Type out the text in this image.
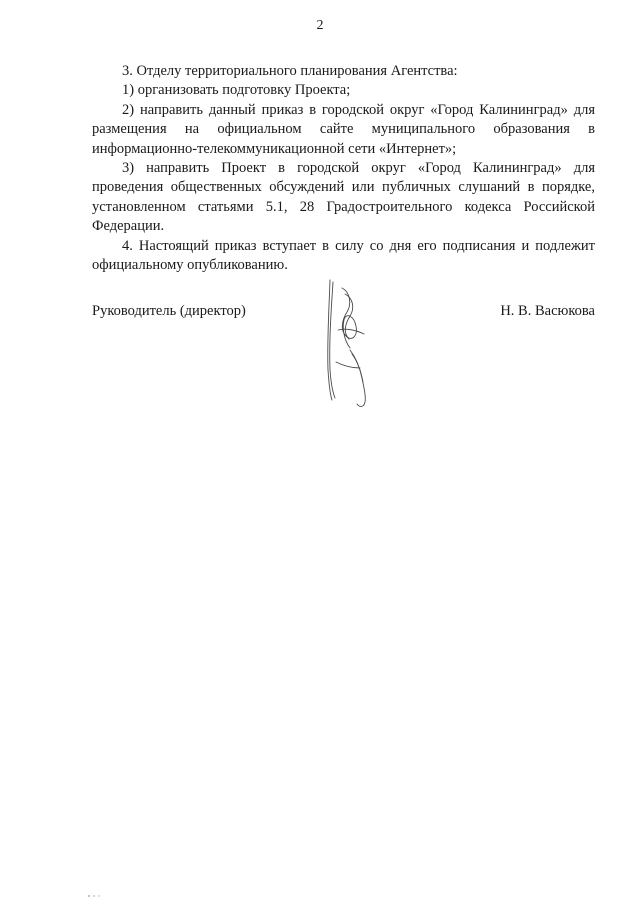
2

3. Отделу территориального планирования Агентства:

1) организовать подготовку Проекта;

2) направить данный приказ в городской округ «Город Калининград» для размещения на официальном сайте муниципального образования в информационно-телекоммуникационной сети «Интернет»;

3) направить Проект в городской округ «Город Калининград» для проведения общественных обсуждений или публичных слушаний в порядке, установленном статьями 5.1, 28 Градостроительного кодекса Российской Федерации.

4. Настоящий приказ вступает в силу со дня его подписания и подлежит официальному опубликованию.

Руководитель (директор)	Н. В. Васюкова
